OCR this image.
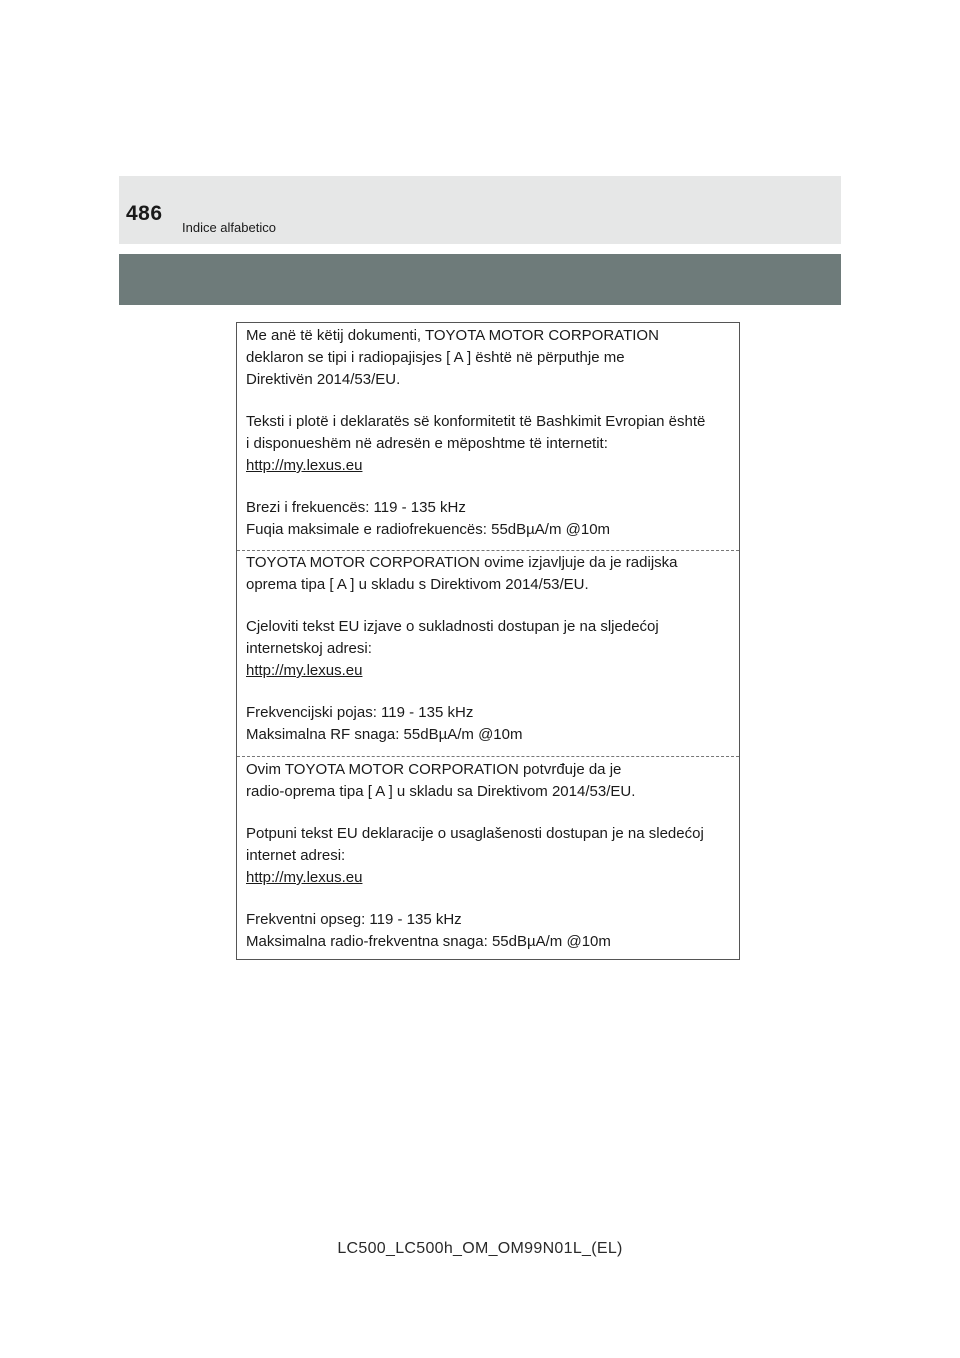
486
Indice alfabetico

Me anë të këtij dokumenti, TOYOTA MOTOR CORPORATION

deklaron se tipi i radiopajisjes [ A ] është në përputhje me

Direktivën 2014/53/EU.

Teksti i plotë i deklaratës së konformitetit të Bashkimit Evropian është

i disponueshëm në adresën e mëposhtme të internetit:

http://my.lexus.eu

Brezi i frekuencës: 119 - 135 kHz

Fuqia maksimale e radiofrekuencës: 55dBµA/m @10m

TOYOTA MOTOR CORPORATION ovime izjavljuje da je radijska

oprema tipa [ A ] u skladu s Direktivom 2014/53/EU.

Cjeloviti tekst EU izjave o sukladnosti dostupan je na sljedećoj

internetskoj adresi:

http://my.lexus.eu

Frekvencijski pojas: 119 - 135 kHz

Maksimalna RF snaga: 55dBµA/m @10m

Ovim TOYOTA MOTOR CORPORATION potvrđuje da je

radio-oprema tipa [ A ] u skladu sa Direktivom 2014/53/EU.

Potpuni tekst EU deklaracije o usaglašenosti dostupan je na sledećoj

internet adresi:

http://my.lexus.eu

Frekventni opseg: 119 - 135 kHz

Maksimalna radio-frekventna snaga: 55dBµA/m @10m

LC500_LC500h_OM_OM99N01L_(EL)
